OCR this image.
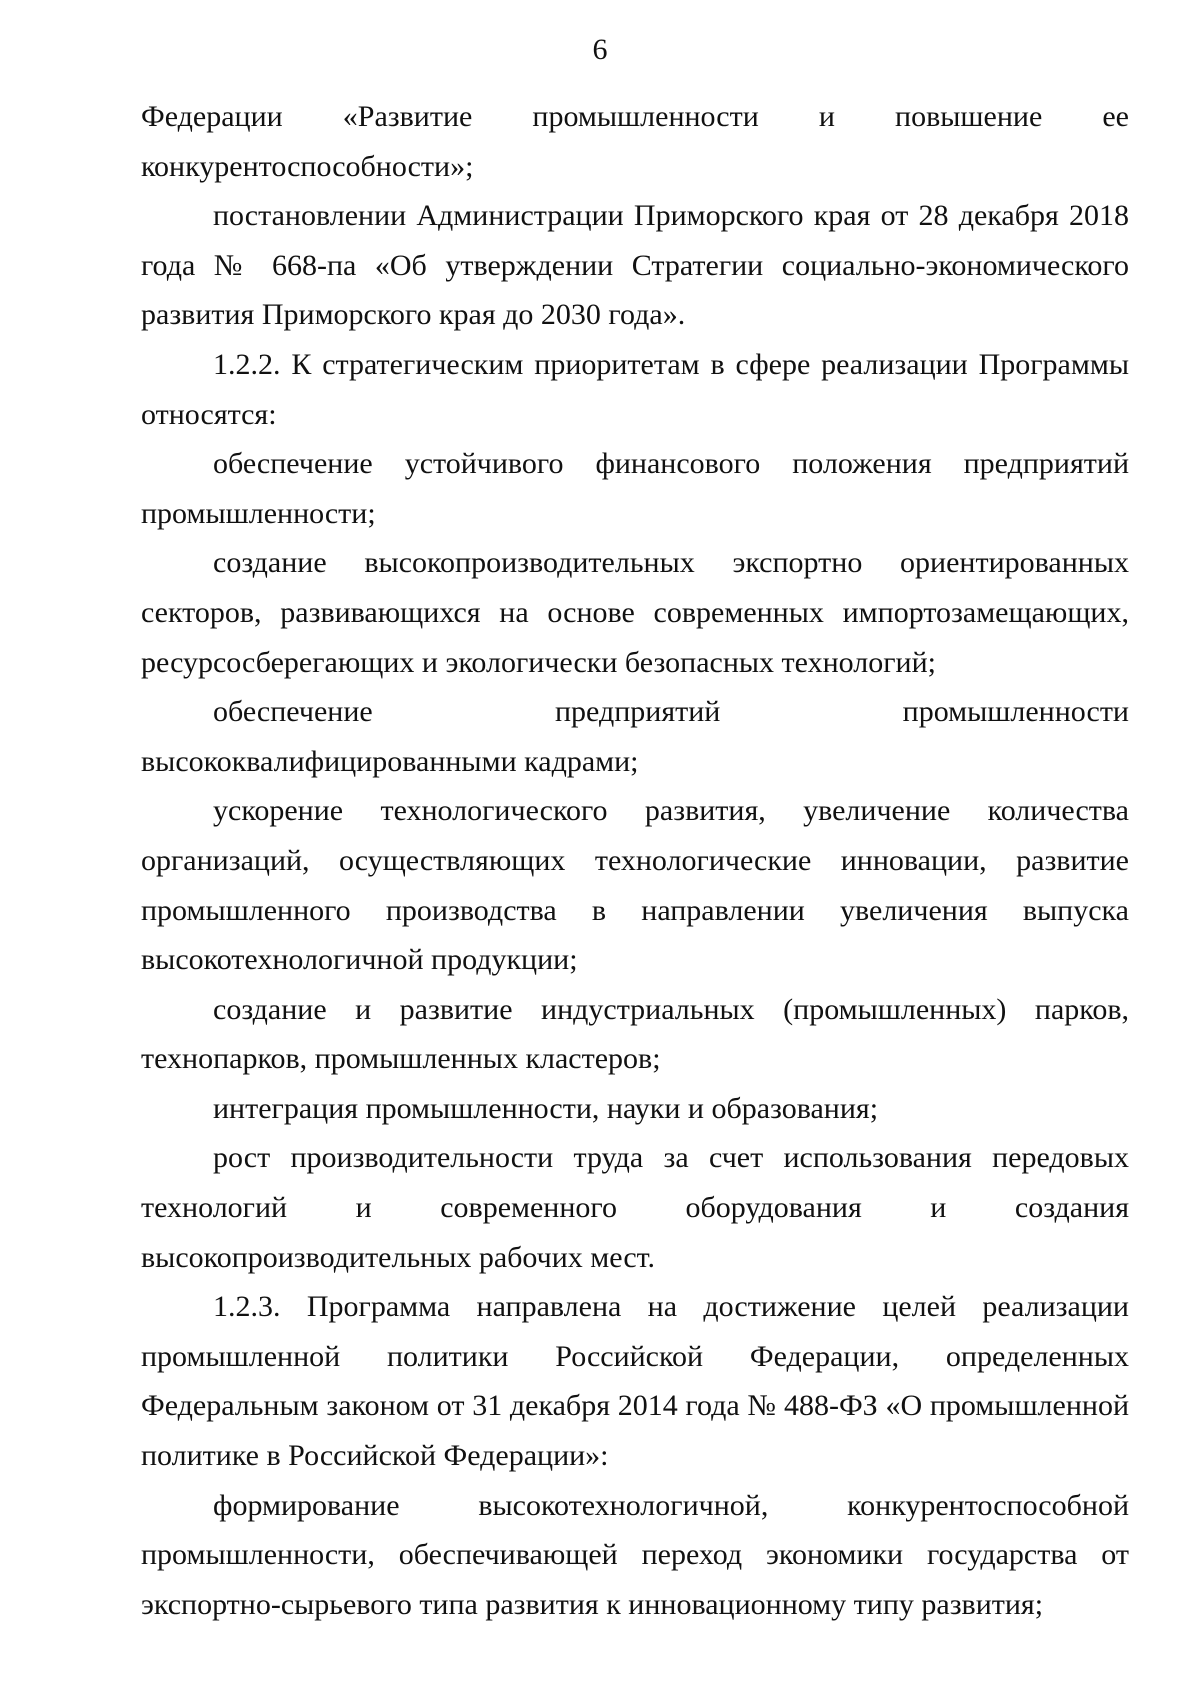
6

Федерации «Развитие промышленности и повышение ее конкурентоспособности»;

постановлении Администрации Приморского края от 28 декабря 2018 года № 668-па «Об утверждении Стратегии социально-экономического развития Приморского края до 2030 года».

1.2.2. К стратегическим приоритетам в сфере реализации Программы относятся:

обеспечение устойчивого финансового положения предприятий промышленности;

создание высокопроизводительных экспортно ориентированных секторов, развивающихся на основе современных импортозамещающих, ресурсосберегающих и экологически безопасных технологий;

обеспечение предприятий промышленности высококвалифицированными кадрами;

ускорение технологического развития, увеличение количества организаций, осуществляющих технологические инновации, развитие промышленного производства в направлении увеличения выпуска высокотехнологичной продукции;

создание и развитие индустриальных (промышленных) парков, технопарков, промышленных кластеров;

интеграция промышленности, науки и образования;

рост производительности труда за счет использования передовых технологий и современного оборудования и создания высокопроизводительных рабочих мест.

1.2.3. Программа направлена на достижение целей реализации промышленной политики Российской Федерации, определенных Федеральным законом от 31 декабря 2014 года № 488-ФЗ «О промышленной политике в Российской Федерации»:

формирование высокотехнологичной, конкурентоспособной промышленности, обеспечивающей переход экономики государства от экспортно-сырьевого типа развития к инновационному типу развития;
